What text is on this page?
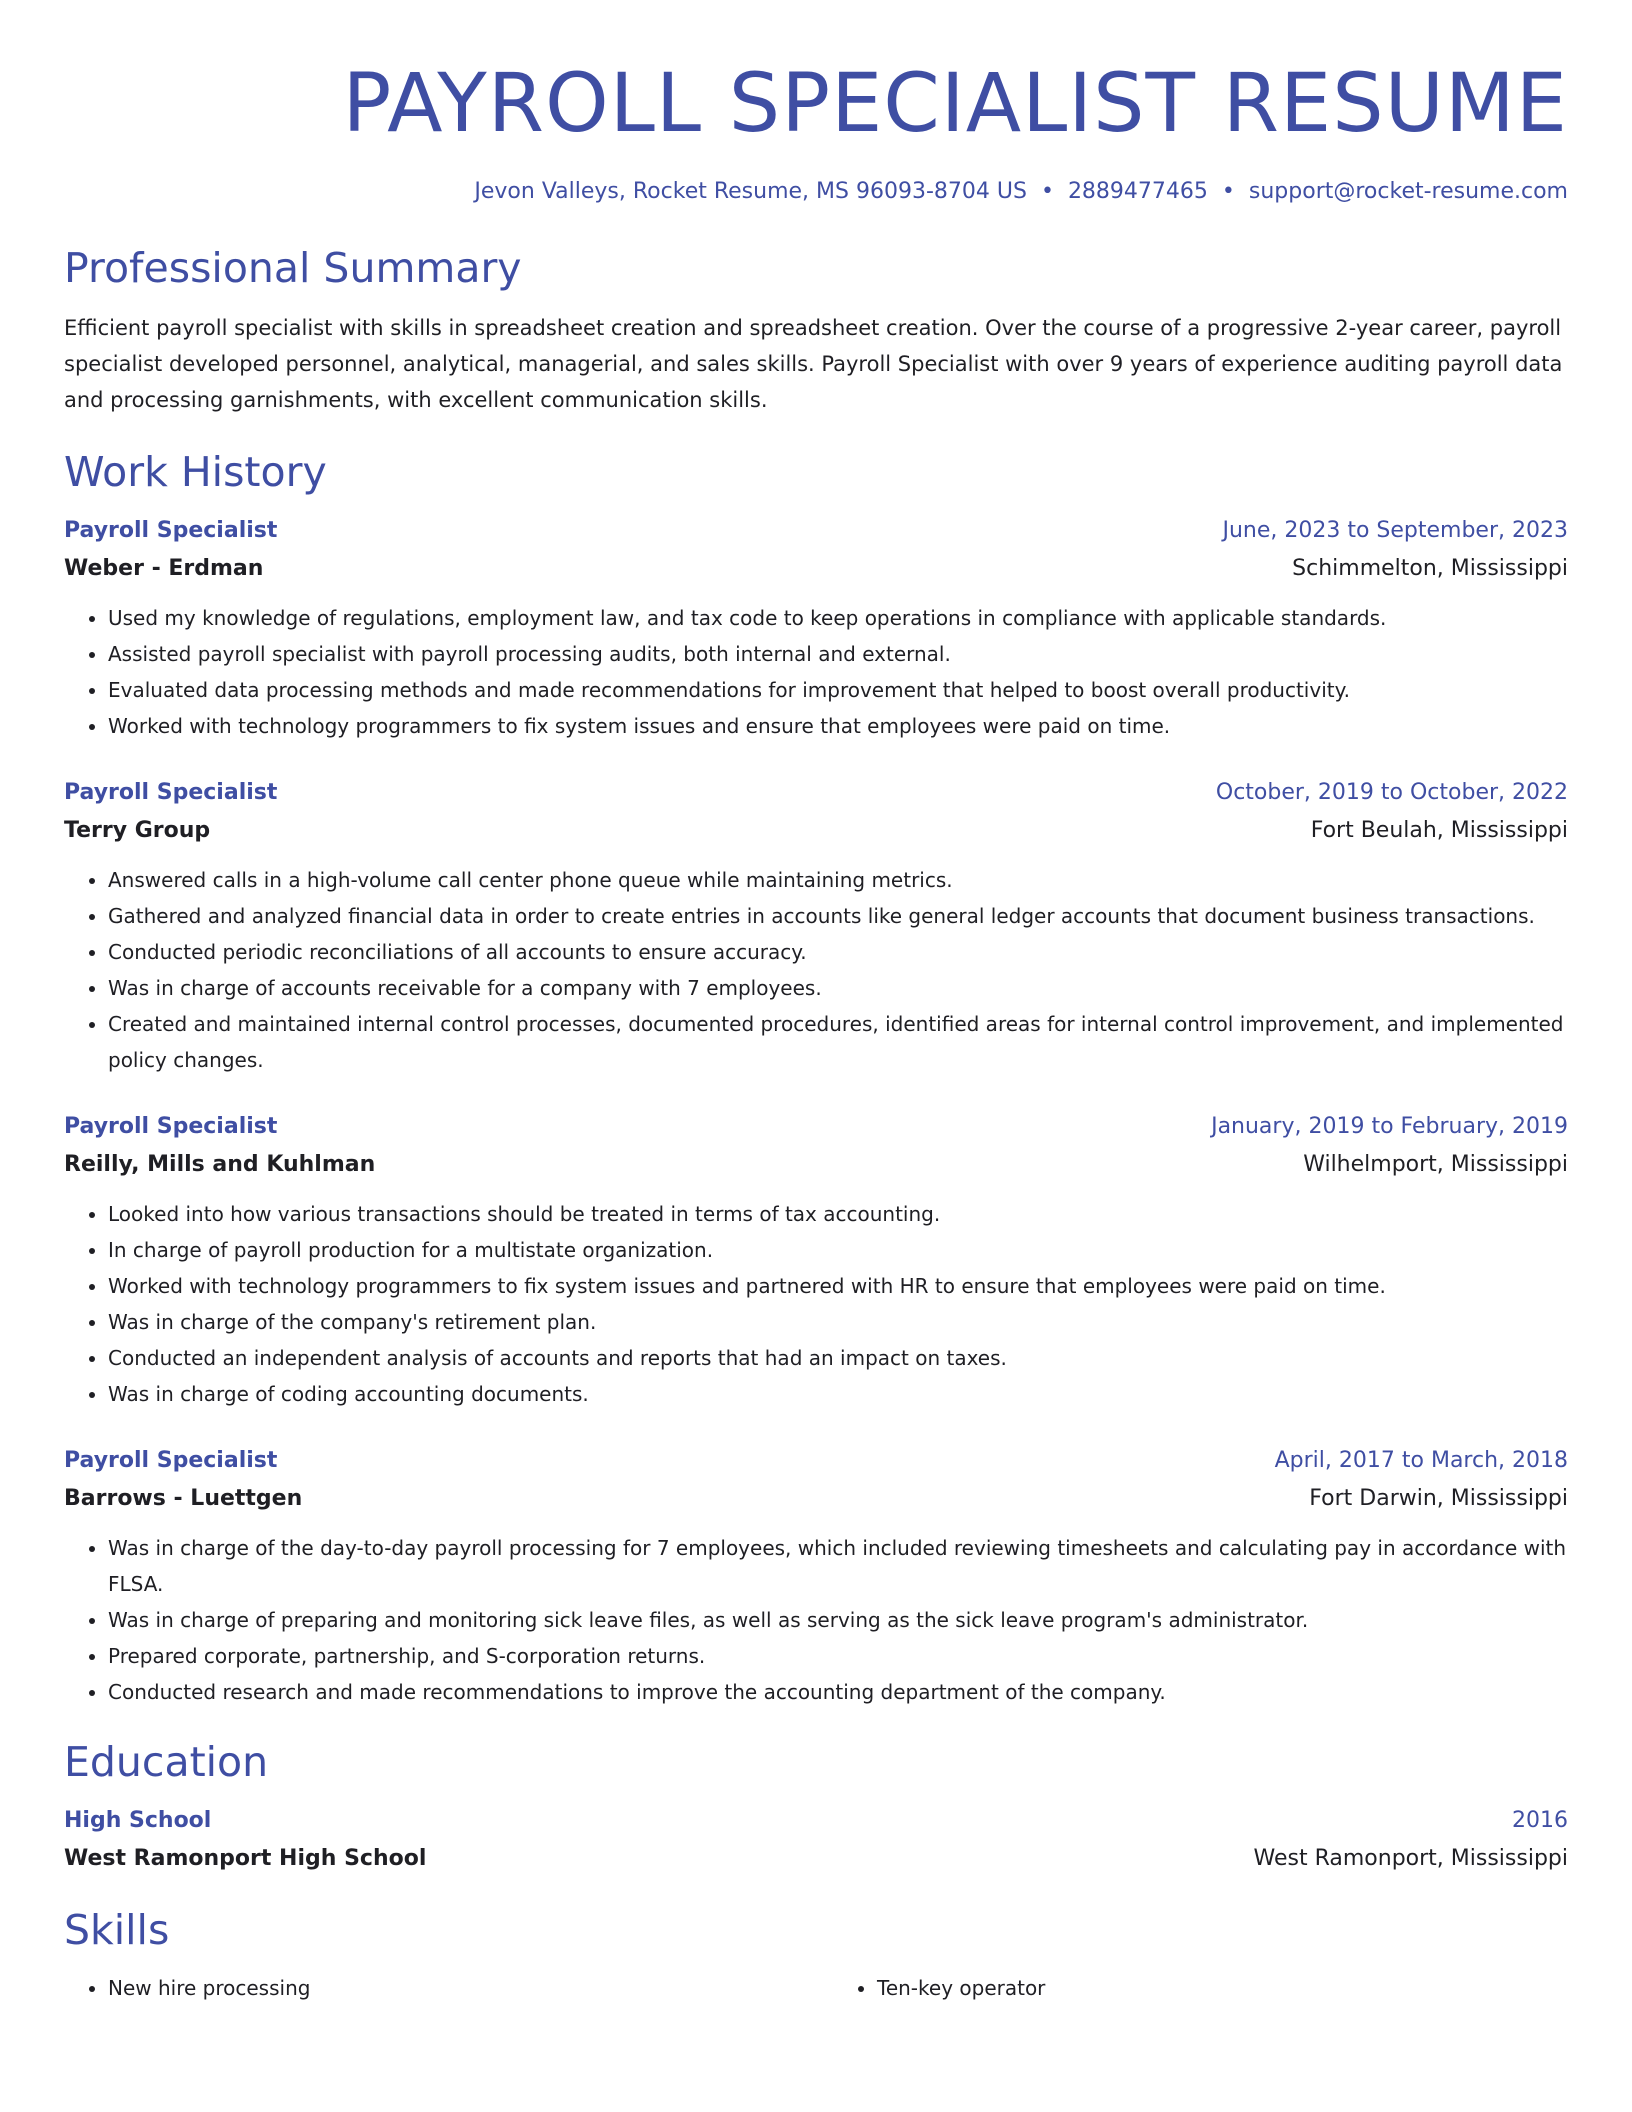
PAYROLL SPECIALIST RESUME
Jevon Valleys, Rocket Resume, MS 96093-8704 US • 2889477465 • support@rocket-resume.com
Professional Summary
Efficient payroll specialist with skills in spreadsheet creation and spreadsheet creation. Over the course of a progressive 2-year career, payroll specialist developed personnel, analytical, managerial, and sales skills. Payroll Specialist with over 9 years of experience auditing payroll data and processing garnishments, with excellent communication skills.
Work History
Payroll Specialist	June, 2023 to September, 2023
Weber - Erdman	Schimmelton, Mississippi
• Used my knowledge of regulations, employment law, and tax code to keep operations in compliance with applicable standards.
• Assisted payroll specialist with payroll processing audits, both internal and external.
• Evaluated data processing methods and made recommendations for improvement that helped to boost overall productivity.
• Worked with technology programmers to fix system issues and ensure that employees were paid on time.
Payroll Specialist	October, 2019 to October, 2022
Terry Group	Fort Beulah, Mississippi
• Answered calls in a high-volume call center phone queue while maintaining metrics.
• Gathered and analyzed financial data in order to create entries in accounts like general ledger accounts that document business transactions.
• Conducted periodic reconciliations of all accounts to ensure accuracy.
• Was in charge of accounts receivable for a company with 7 employees.
• Created and maintained internal control processes, documented procedures, identified areas for internal control improvement, and implemented policy changes.
Payroll Specialist	January, 2019 to February, 2019
Reilly, Mills and Kuhlman	Wilhelmport, Mississippi
• Looked into how various transactions should be treated in terms of tax accounting.
• In charge of payroll production for a multistate organization.
• Worked with technology programmers to fix system issues and partnered with HR to ensure that employees were paid on time.
• Was in charge of the company's retirement plan.
• Conducted an independent analysis of accounts and reports that had an impact on taxes.
• Was in charge of coding accounting documents.
Payroll Specialist	April, 2017 to March, 2018
Barrows - Luettgen	Fort Darwin, Mississippi
• Was in charge of the day-to-day payroll processing for 7 employees, which included reviewing timesheets and calculating pay in accordance with FLSA.
• Was in charge of preparing and monitoring sick leave files, as well as serving as the sick leave program's administrator.
• Prepared corporate, partnership, and S-corporation returns.
• Conducted research and made recommendations to improve the accounting department of the company.
Education
High School	2016
West Ramonport High School	West Ramonport, Mississippi
Skills
• New hire processing
•	Ten-key operator
